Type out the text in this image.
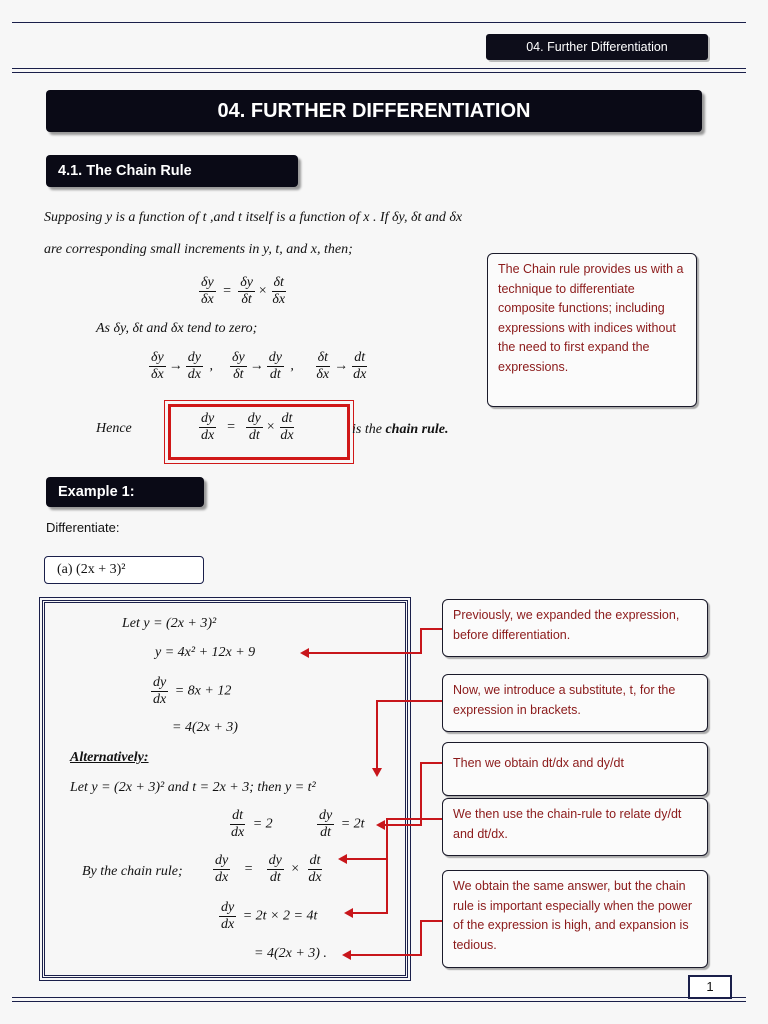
04. Further Differentiation
04. FURTHER DIFFERENTIATION
4.1. The Chain Rule
Supposing y is a function of t ,and t itself is a function of x . If δy, δt and δx
are corresponding small increments in y, t, and x, then;
$\frac{\delta y}{\delta x} = \frac{\delta y}{\delta t} \times \frac{\delta t}{\delta x}$
As δy, δt and δx tend to zero;
$\frac{\delta y}{\delta x} \to \frac{dy}{dx}$ , $\frac{\delta y}{\delta t} \to \frac{dy}{dt}$ , $\frac{\delta t}{\delta x} \to \frac{dt}{dx}$
Hence	$\frac{dy}{dx} = \frac{dy}{dt} \times \frac{dt}{dx}$	is the chain rule.
The Chain rule provides us with a technique to differentiate composite functions; including expressions with indices without the need to first expand the expressions.
Example 1:
Differentiate:
(a) (2x + 3)²
Let y = (2x + 3)²
y = 4x² + 12x + 9
$\frac{dy}{dx} = 8x + 12$
= 4(2x + 3)
Alternatively:
Let y = (2x + 3)² and t = 2x + 3; then y = t²
$\frac{dt}{dx} = 2$	$\frac{dy}{dt} = 2t$
By the chain rule; $\frac{dy}{dx} = \frac{dy}{dt} \times \frac{dt}{dx}$
$\frac{dy}{dx} = 2t \times 2 = 4t$
= 4(2x + 3) .
Previously, we expanded the expression, before differentiation.
Now, we introduce a substitute, t, for the expression in brackets.
Then we obtain dt/dx and dy/dt
We then use the chain-rule to relate dy/dt and dt/dx.
We obtain the same answer, but the chain rule is important especially when the power of the expression is high, and expansion is tedious.
1
